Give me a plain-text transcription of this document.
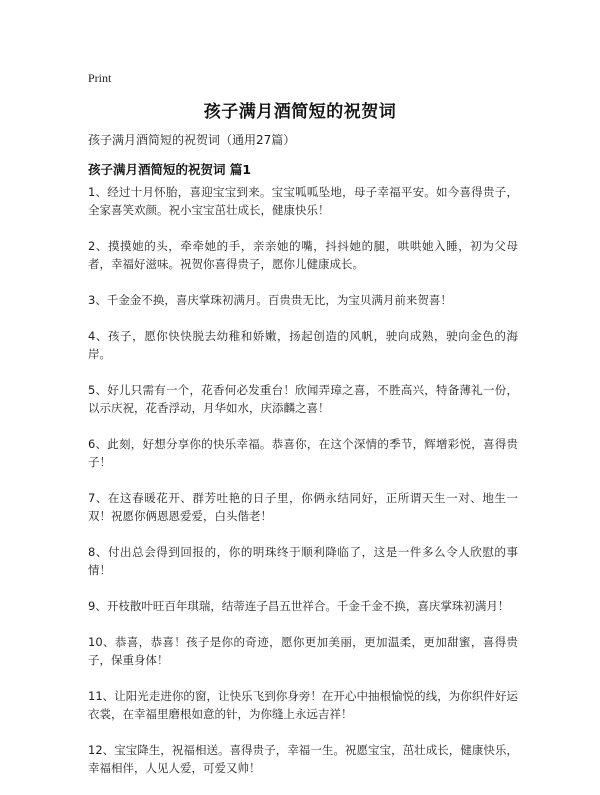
Print
孩子满月酒简短的祝贺词
孩子满月酒简短的祝贺词（通用27篇）
孩子满月酒简短的祝贺词 篇1
1、经过十月怀胎，喜迎宝宝到来。宝宝呱呱坠地，母子幸福平安。如今喜得贵子，全家喜笑欢颜。祝小宝宝茁壮成长，健康快乐！
2、摸摸她的头，牵牵她的手，亲亲她的嘴，抖抖她的腿，哄哄她入睡，初为父母者，幸福好滋味。祝贺你喜得贵子，愿你儿健康成长。
3、千金金不换，喜庆掌珠初满月。百贵贵无比，为宝贝满月前来贺喜！
4、孩子，愿你快快脱去幼稚和娇嫩，扬起创造的风帆，驶向成熟，驶向金色的海岸。
5、好儿只需有一个，花香何必发重台！欣闻弄璋之喜，不胜高兴，特备薄礼一份，以示庆祝，花香浮动，月华如水，庆添麟之喜！
6、此刻，好想分享你的快乐幸福。恭喜你，在这个深情的季节，辉增彩悦，喜得贵子！
7、在这春暖花开、群芳吐艳的日子里，你俩永结同好，正所谓天生一对、地生一双！祝愿你俩恩恩爱爱，白头偕老！
8、付出总会得到回报的，你的明珠终于顺利降临了，这是一件多么令人欣慰的事情！
9、开枝散叶旺百年琪瑞，结蒂连子昌五世祥合。千金千金不换，喜庆掌珠初满月！
10、恭喜，恭喜！孩子是你的奇迹，愿你更加美丽，更加温柔，更加甜蜜，喜得贵子，保重身体！
11、让阳光走进你的窗，让快乐飞到你身旁！在开心中抽根愉悦的线，为你织件好运衣裳，在幸福里磨根如意的针，为你缝上永远吉祥！
12、宝宝降生，祝福相送。喜得贵子，幸福一生。祝愿宝宝，茁壮成长，健康快乐，幸福相伴，人见人爱，可爱又帅！
